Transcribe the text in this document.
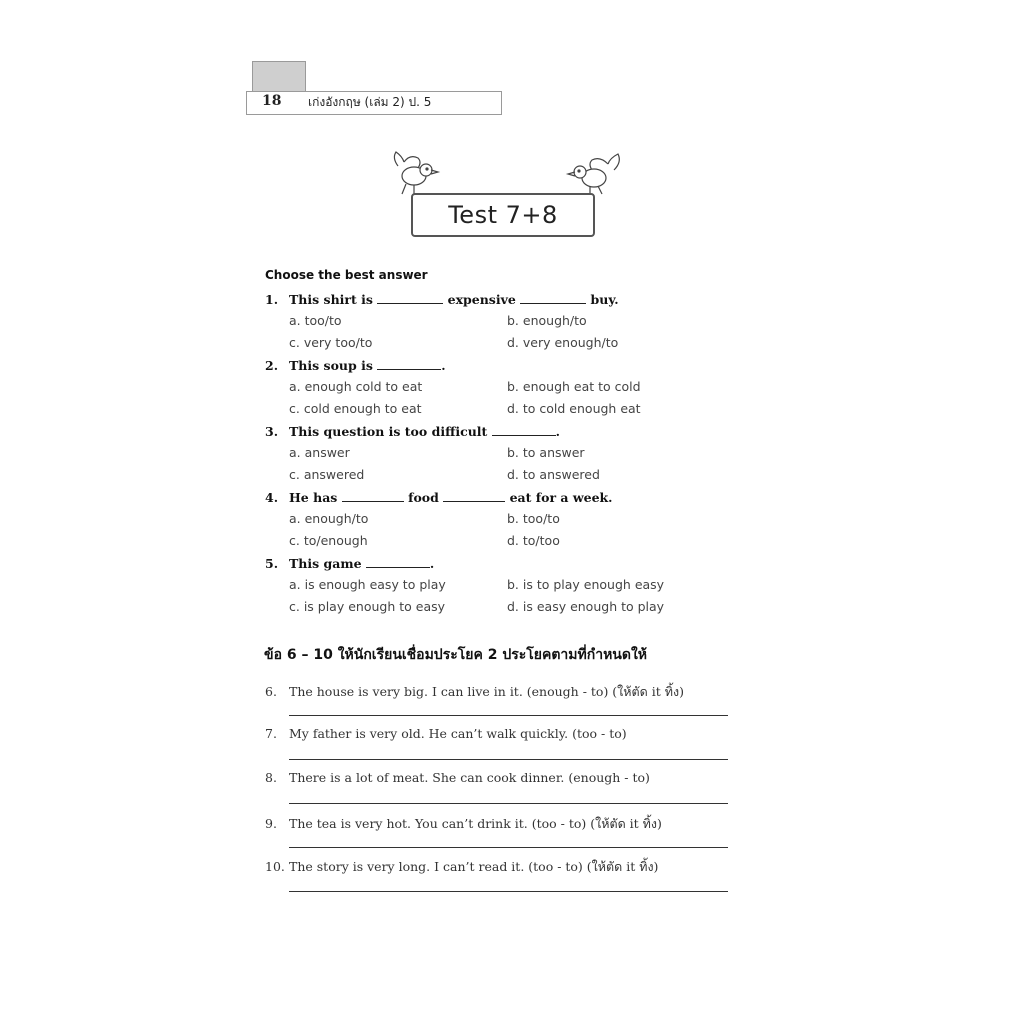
18	เก่งอังกฤษ (เล่ม 2) ป. 5
Test 7+8
Choose the best answer
1. This shirt is	expensive	buy.
a. too/to	b. enough/to
c. very too/to	d. very enough/to
2. This soup is	.
a. enough cold to eat	b. enough eat to cold
c. cold enough to eat	d. to cold enough eat
3. This question is too difficult	.
a. answer	b. to answer
c. answered	d. to answered
4. He has	food	eat for a week.
a. enough/to	b. too/to
c. to/enough	d. to/too
5. This game	.
a. is enough easy to play	b. is to play enough easy
c. is play enough to easy	d. is easy enough to play
ข้อ 6 – 10 ให้นักเรียนเชื่อมประโยค 2 ประโยคตามที่กำหนดให้
6. The house is very big. I can live in it. (enough - to) (ให้ตัด it ทิ้ง)
7. My father is very old. He can’t walk quickly. (too - to)
8. There is a lot of meat. She can cook dinner. (enough - to)
9. The tea is very hot. You can’t drink it. (too - to) (ให้ตัด it ทิ้ง)
10. The story is very long. I can’t read it. (too - to) (ให้ตัด it ทิ้ง)
